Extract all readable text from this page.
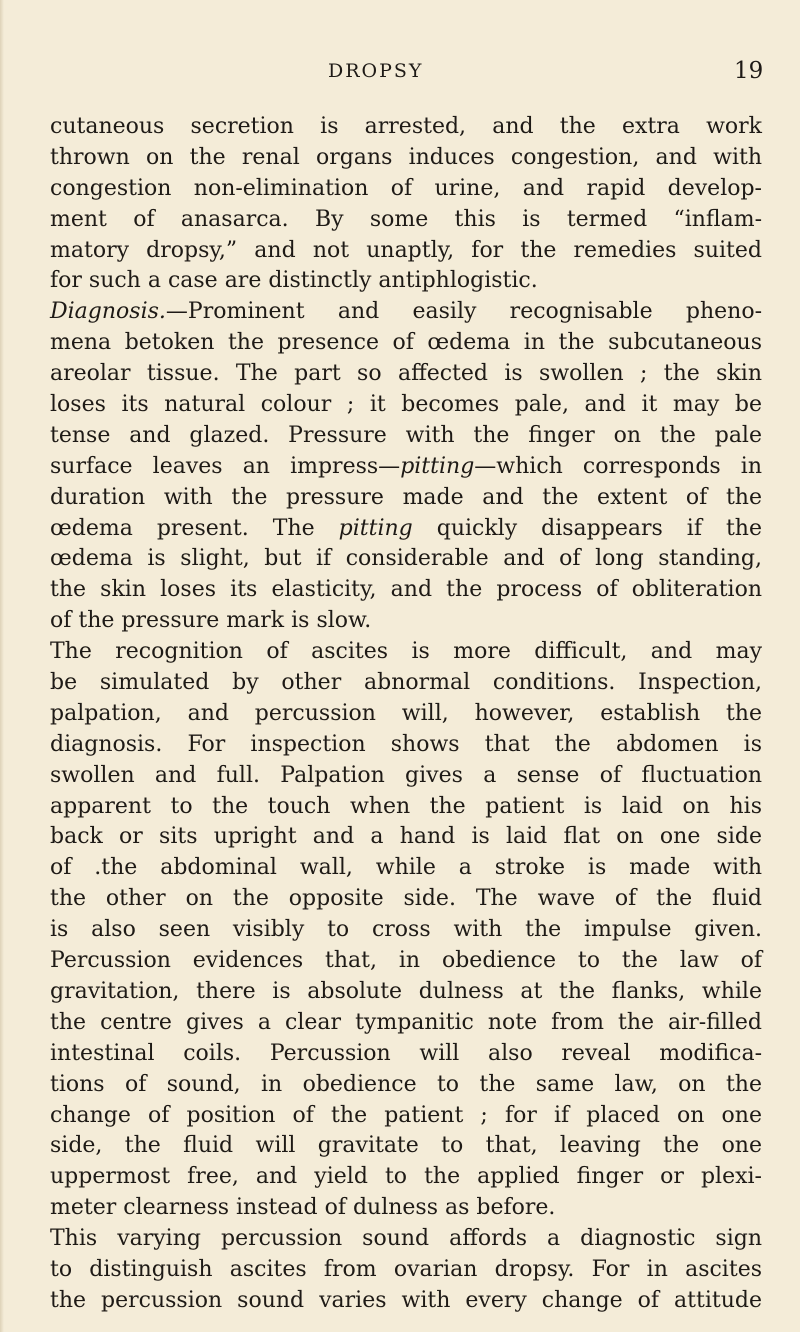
DROPSY	19
cutaneous secretion is arrested, and the extra work
thrown on the renal organs induces congestion, and with
congestion non-elimination of urine, and rapid develop-
ment of anasarca. By some this is termed “inflam-
matory dropsy,” and not unaptly, for the remedies suited
for such a case are distinctly antiphlogistic.
Diagnosis.—Prominent and easily recognisable pheno-
mena betoken the presence of œdema in the subcutaneous
areolar tissue. The part so affected is swollen ; the skin
loses its natural colour ; it becomes pale, and it may be
tense and glazed. Pressure with the finger on the pale
surface leaves an impress—pitting—which corresponds in
duration with the pressure made and the extent of the
œdema present. The pitting quickly disappears if the
œdema is slight, but if considerable and of long standing,
the skin loses its elasticity, and the process of obliteration
of the pressure mark is slow.
The recognition of ascites is more difficult, and may
be simulated by other abnormal conditions. Inspection,
palpation, and percussion will, however, establish the
diagnosis. For inspection shows that the abdomen is
swollen and full. Palpation gives a sense of fluctuation
apparent to the touch when the patient is laid on his
back or sits upright and a hand is laid flat on one side
of .the abdominal wall, while a stroke is made with
the other on the opposite side. The wave of the fluid
is also seen visibly to cross with the impulse given.
Percussion evidences that, in obedience to the law of
gravitation, there is absolute dulness at the flanks, while
the centre gives a clear tympanitic note from the air-filled
intestinal coils. Percussion will also reveal modifica-
tions of sound, in obedience to the same law, on the
change of position of the patient ; for if placed on one
side, the fluid will gravitate to that, leaving the one
uppermost free, and yield to the applied finger or plexi-
meter clearness instead of dulness as before.
This varying percussion sound affords a diagnostic sign
to distinguish ascites from ovarian dropsy. For in ascites
the percussion sound varies with every change of attitude
